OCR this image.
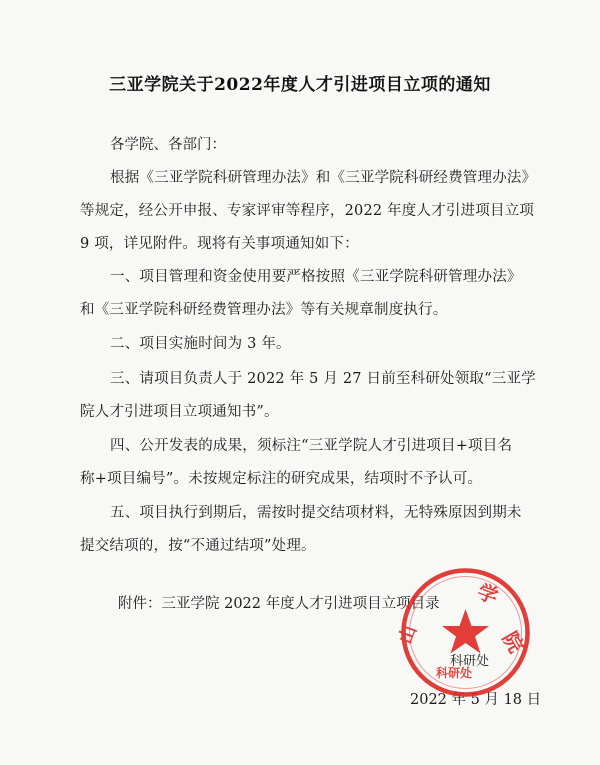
三亚学院关于2022年度人才引进项目立项的通知
各学院、各部门：
根据《三亚学院科研管理办法》和《三亚学院科研经费管理办法》
等规定，经公开申报、专家评审等程序，2022 年度人才引进项目立项
9 项，详见附件。现将有关事项通知如下：
一、项目管理和资金使用要严格按照《三亚学院科研管理办法》
和《三亚学院科研经费管理办法》等有关规章制度执行。
二、项目实施时间为 3 年。
三、请项目负责人于 2022 年 5 月 27 日前至科研处领取“三亚学
院人才引进项目立项通知书”。
四、公开发表的成果，须标注“三亚学院人才引进项目+项目名
称+项目编号”。未按规定标注的研究成果，结项时不予认可。
五、项目执行到期后，需按时提交结项材料，无特殊原因到期未
提交结项的，按“不通过结项”处理。
附件：三亚学院 2022 年度人才引进项目立项目录 学
院
山
科研处
科研处
2022 年 5 月 18 日
